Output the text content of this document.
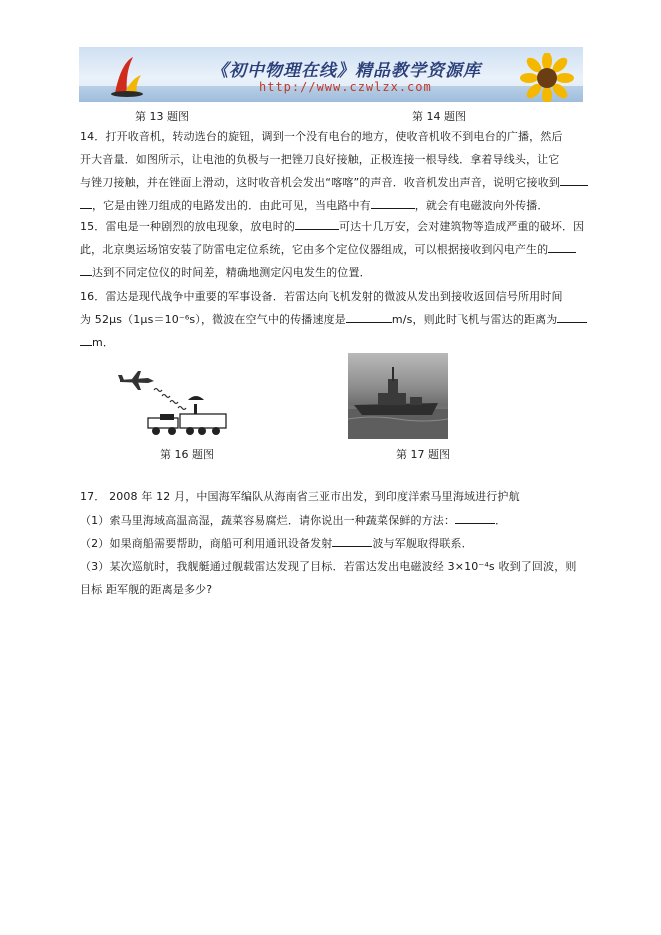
《初中物理在线》精品教学资源库
http://www.czwlzx.com
第 13 题图	第 14 题图
14．打开收音机，转动选台的旋钮，调到一个没有电台的地方，使收音机收不到电台的广播，然后
开大音量．如图所示，让电池的负极与一把锉刀良好接触，正极连接一根导线．拿着导线头，让它
与锉刀接触，并在锉面上滑动，这时收音机会发出“喀喀”的声音．收音机发出声音，说明它接收到
，它是由锉刀组成的电路发出的．由此可见，当电路中有	，就会有电磁波向外传播．
15．雷电是一种剧烈的放电现象，放电时的	可达十几万安，会对建筑物等造成严重的破坏．因
此，北京奥运场馆安装了防雷电定位系统，它由多个定位仪器组成，可以根据接收到闪电产生的
达到不同定位仪的时间差，精确地测定闪电发生的位置．
16．雷达是现代战争中重要的军事设备．若雷达向飞机发射的微波从发出到接收返回信号所用时间
为 52μs（1μs＝10⁻⁶s），微波在空气中的传播速度是	m/s，则此时飞机与雷达的距离为
m．
第 16 题图	第 17 题图
17． 2008 年 12 月，中国海军编队从海南省三亚市出发，到印度洋索马里海域进行护航
（1）索马里海域高温高湿，蔬菜容易腐烂．请你说出一种蔬菜保鲜的方法：	．
（2）如果商船需要帮助，商船可利用通讯设备发射	波与军舰取得联系．
（3）某次巡航时，我舰艇通过舰载雷达发现了目标．若雷达发出电磁波经 3×10⁻⁴s 收到了回波，则
目标 距军舰的距离是多少?
